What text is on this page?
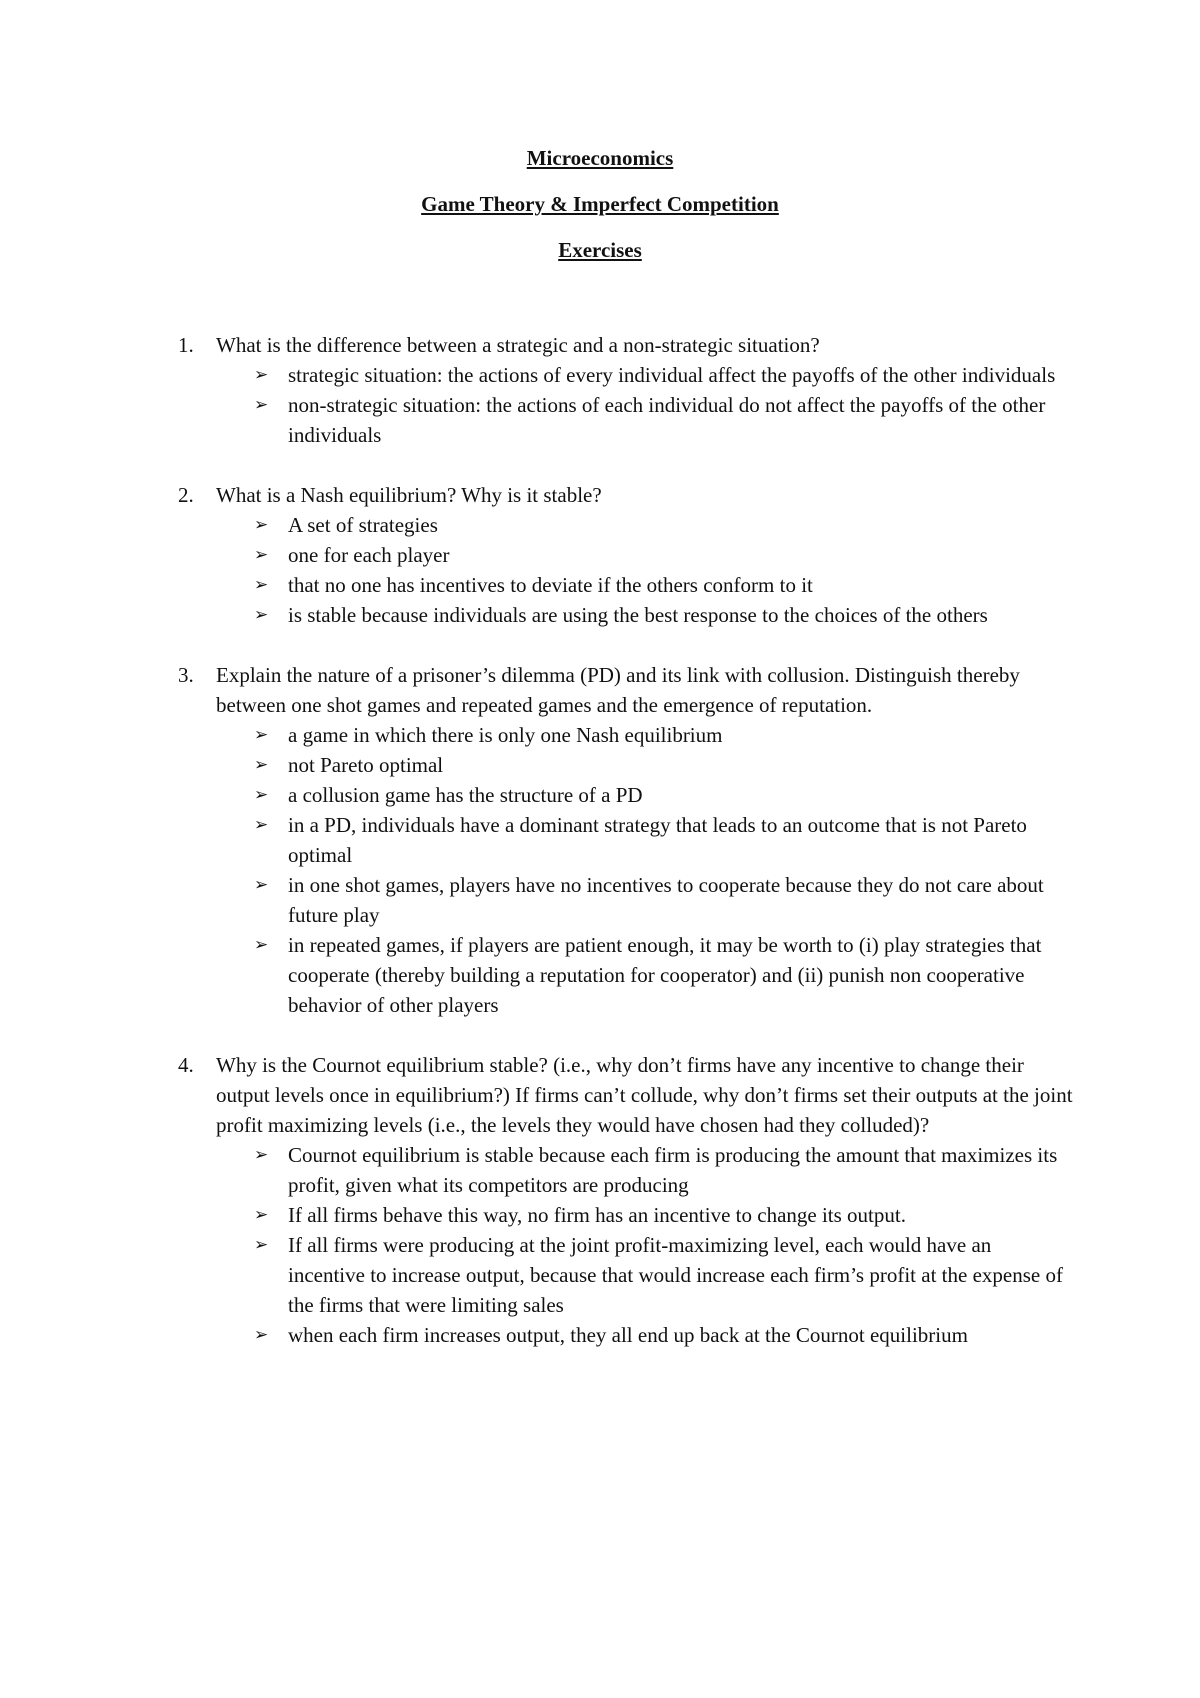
Microeconomics
Game Theory & Imperfect Competition
Exercises
1. What is the difference between a strategic and a non-strategic situation?
➢ strategic situation: the actions of every individual affect the payoffs of the other individuals
➢ non-strategic situation: the actions of each individual do not affect the payoffs of the other individuals
2. What is a Nash equilibrium? Why is it stable?
➢ A set of strategies
➢ one for each player
➢ that no one has incentives to deviate if the others conform to it
➢ is stable because individuals are using the best response to the choices of the others
3. Explain the nature of a prisoner’s dilemma (PD) and its link with collusion. Distinguish thereby between one shot games and repeated games and the emergence of reputation.
➢ a game in which there is only one Nash equilibrium
➢ not Pareto optimal
➢ a collusion game has the structure of a PD
➢ in a PD, individuals have a dominant strategy that leads to an outcome that is not Pareto optimal
➢ in one shot games, players have no incentives to cooperate because they do not care about future play
➢ in repeated games, if players are patient enough, it may be worth to (i) play strategies that cooperate (thereby building a reputation for cooperator) and (ii) punish non cooperative behavior of other players
4. Why is the Cournot equilibrium stable? (i.e., why don’t firms have any incentive to change their output levels once in equilibrium?) If firms can’t collude, why don’t firms set their outputs at the joint profit maximizing levels (i.e., the levels they would have chosen had they colluded)?
➢ Cournot equilibrium is stable because each firm is producing the amount that maximizes its profit, given what its competitors are producing
➢ If all firms behave this way, no firm has an incentive to change its output.
➢ If all firms were producing at the joint profit-maximizing level, each would have an incentive to increase output, because that would increase each firm’s profit at the expense of the firms that were limiting sales
➢ when each firm increases output, they all end up back at the Cournot equilibrium
